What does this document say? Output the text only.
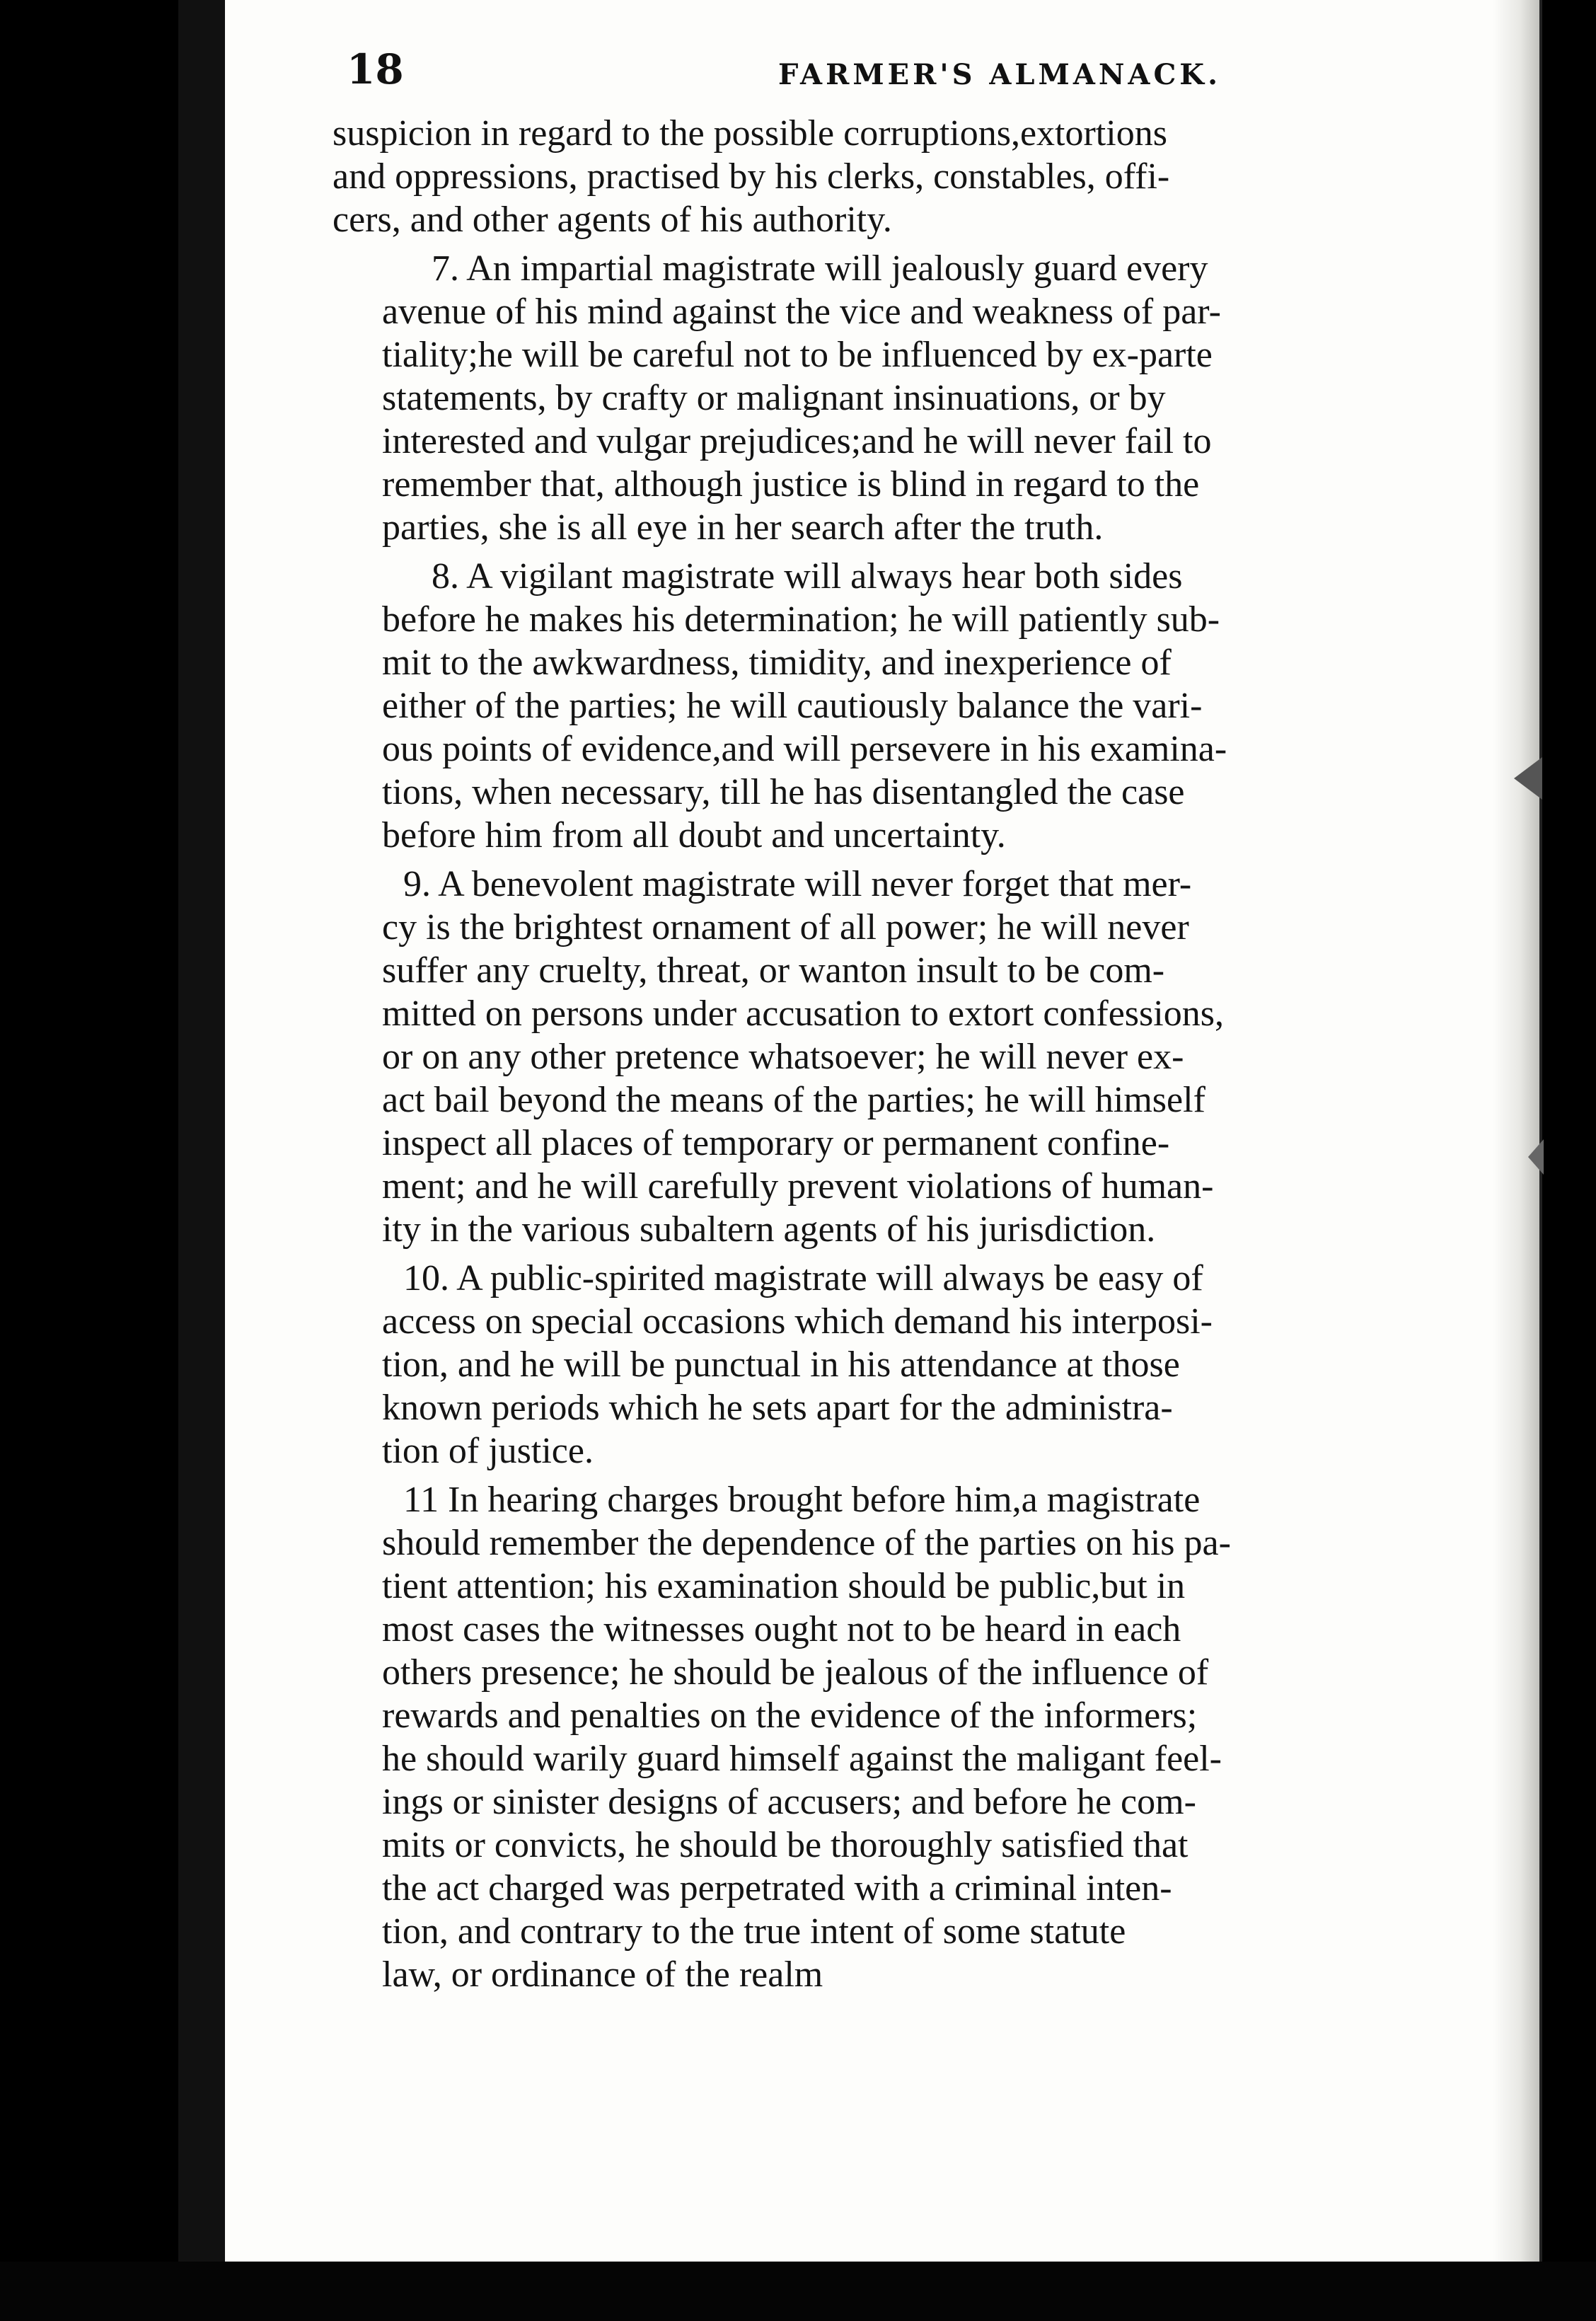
18	FARMER'S ALMANACK.
suspicion in regard to the possible corruptions,extortions
and oppressions, practised by his clerks, constables, offi-
cers, and other agents of his authority.
7. An impartial magistrate will jealously guard every
avenue of his mind against the vice and weakness of par-
tiality;he will be careful not to be influenced by ex-parte
statements, by crafty or malignant insinuations, or by
interested and vulgar prejudices;and he will never fail to
remember that, although justice is blind in regard to the
parties, she is all eye in her search after the truth.
8. A vigilant magistrate will always hear both sides
before he makes his determination; he will patiently sub-
mit to the awkwardness, timidity, and inexperience of
either of the parties; he will cautiously balance the vari-
ous points of evidence,and will persevere in his examina-
tions, when necessary, till he has disentangled the case
before him from all doubt and uncertainty.
9. A benevolent magistrate will never forget that mer-
cy is the brightest ornament of all power; he will never
suffer any cruelty, threat, or wanton insult to be com-
mitted on persons under accusation to extort confessions,
or on any other pretence whatsoever; he will never ex-
act bail beyond the means of the parties; he will himself
inspect all places of temporary or permanent confine-
ment; and he will carefully prevent violations of human-
ity in the various subaltern agents of his jurisdiction.
10. A public-spirited magistrate will always be easy of
access on special occasions which demand his interposi-
tion, and he will be punctual in his attendance at those
known periods which he sets apart for the administra-
tion of justice.
11 In hearing charges brought before him,a magistrate
should remember the dependence of the parties on his pa-
tient attention; his examination should be public,but in
most cases the witnesses ought not to be heard in each
others presence; he should be jealous of the influence of
rewards and penalties on the evidence of the informers;
he should warily guard himself against the maligant feel-
ings or sinister designs of accusers; and before he com-
mits or convicts, he should be thoroughly satisfied that
the act charged was perpetrated with a criminal inten-
tion, and contrary to the true intent of some statute
law, or ordinance of the realm
